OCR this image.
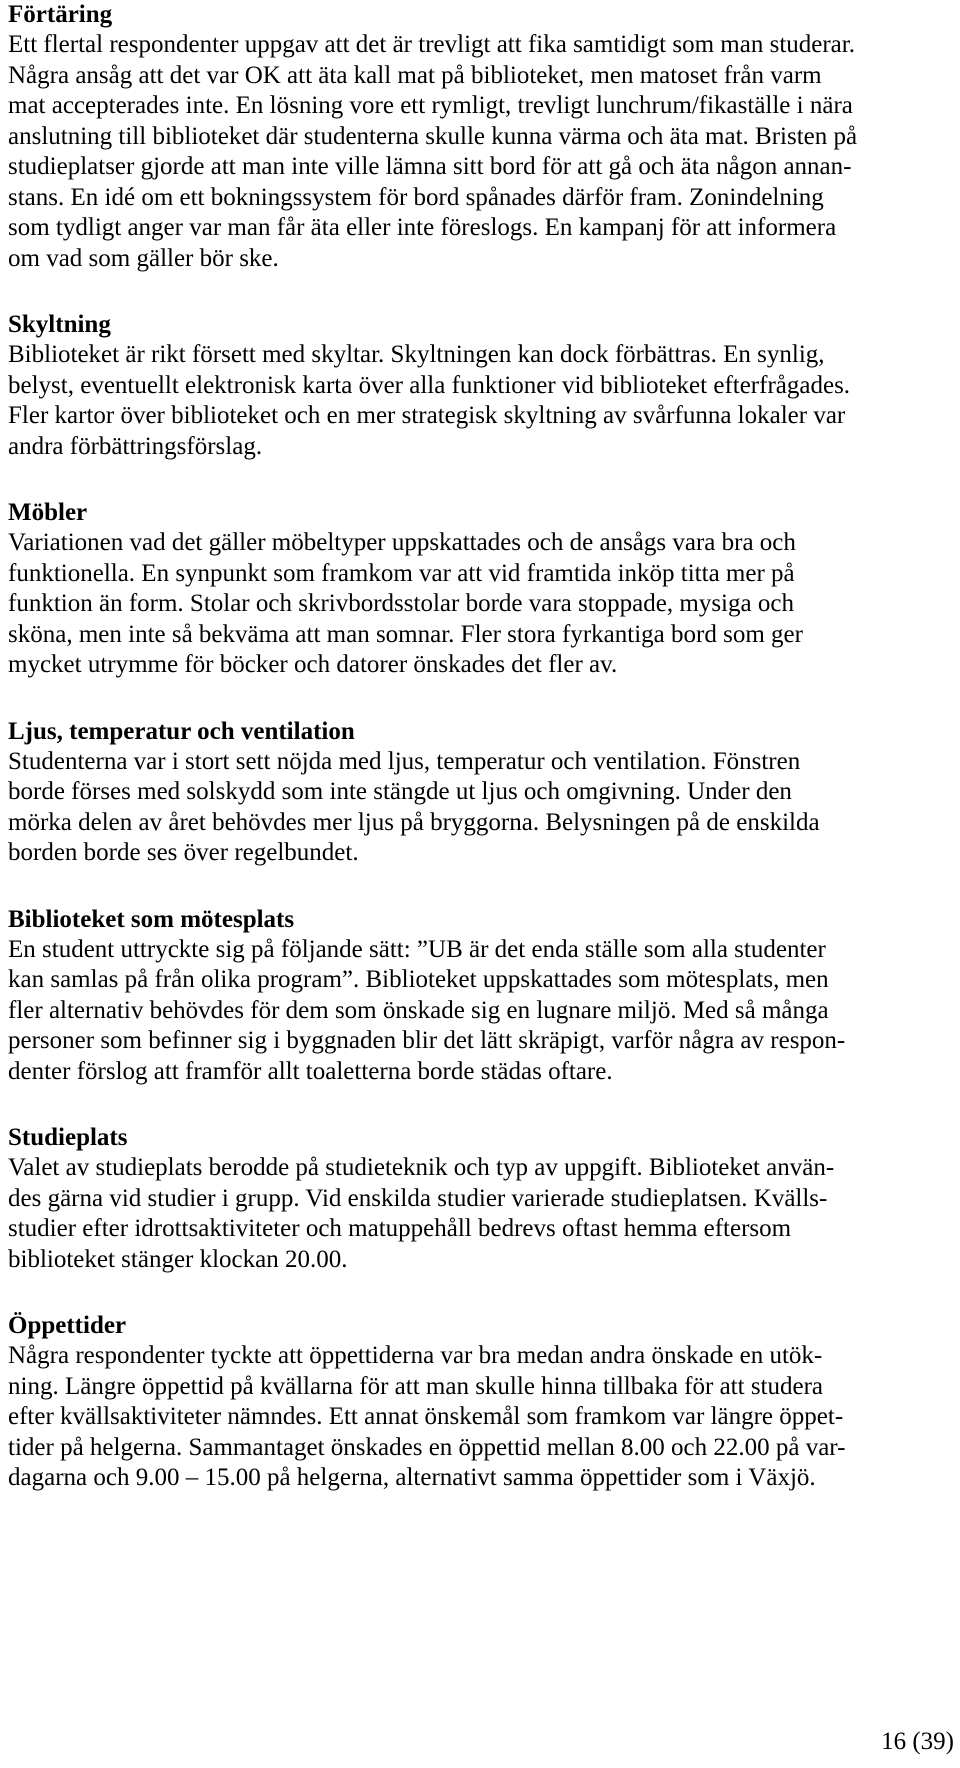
Förtäring

Ett flertal respondenter uppgav att det är trevligt att fika samtidigt som man studerar.
Några ansåg att det var OK att äta kall mat på biblioteket, men matoset från varm
mat accepterades inte. En lösning vore ett rymligt, trevligt lunchrum/fikaställe i nära
anslutning till biblioteket där studenterna skulle kunna värma och äta mat. Bristen på
studieplatser gjorde att man inte ville lämna sitt bord för att gå och äta någon annan-
stans. En idé om ett bokningssystem för bord spånades därför fram. Zonindelning
som tydligt anger var man får äta eller inte föreslogs. En kampanj för att informera
om vad som gäller bör ske.

Skyltning

Biblioteket är rikt försett med skyltar. Skyltningen kan dock förbättras. En synlig,
belyst, eventuellt elektronisk karta över alla funktioner vid biblioteket efterfrågades.
Fler kartor över biblioteket och en mer strategisk skyltning av svårfunna lokaler var
andra förbättringsförslag.

Möbler

Variationen vad det gäller möbeltyper uppskattades och de ansågs vara bra och
funktionella. En synpunkt som framkom var att vid framtida inköp titta mer på
funktion än form. Stolar och skrivbordsstolar borde vara stoppade, mysiga och
sköna, men inte så bekväma att man somnar. Fler stora fyrkantiga bord som ger
mycket utrymme för böcker och datorer önskades det fler av.

Ljus, temperatur och ventilation

Studenterna var i stort sett nöjda med ljus, temperatur och ventilation. Fönstren
borde förses med solskydd som inte stängde ut ljus och omgivning. Under den
mörka delen av året behövdes mer ljus på bryggorna. Belysningen på de enskilda
borden borde ses över regelbundet.

Biblioteket som mötesplats

En student uttryckte sig på följande sätt: ”UB är det enda ställe som alla studenter
kan samlas på från olika program”. Biblioteket uppskattades som mötesplats, men
fler alternativ behövdes för dem som önskade sig en lugnare miljö. Med så många
personer som befinner sig i byggnaden blir det lätt skräpigt, varför några av respon-
denter förslog att framför allt toaletterna borde städas oftare.

Studieplats

Valet av studieplats berodde på studieteknik och typ av uppgift. Biblioteket använ-
des gärna vid studier i grupp. Vid enskilda studier varierade studieplatsen. Kvälls-
studier efter idrottsaktiviteter och matuppehåll bedrevs oftast hemma eftersom
biblioteket stänger klockan 20.00.

Öppettider

Några respondenter tyckte att öppettiderna var bra medan andra önskade en utök-
ning. Längre öppettid på kvällarna för att man skulle hinna tillbaka för att studera
efter kvällsaktiviteter nämndes. Ett annat önskemål som framkom var längre öppet-
tider på helgerna. Sammantaget önskades en öppettid mellan 8.00 och 22.00 på var-
dagarna och 9.00 – 15.00 på helgerna, alternativt samma öppettider som i Växjö.

16 (39)
